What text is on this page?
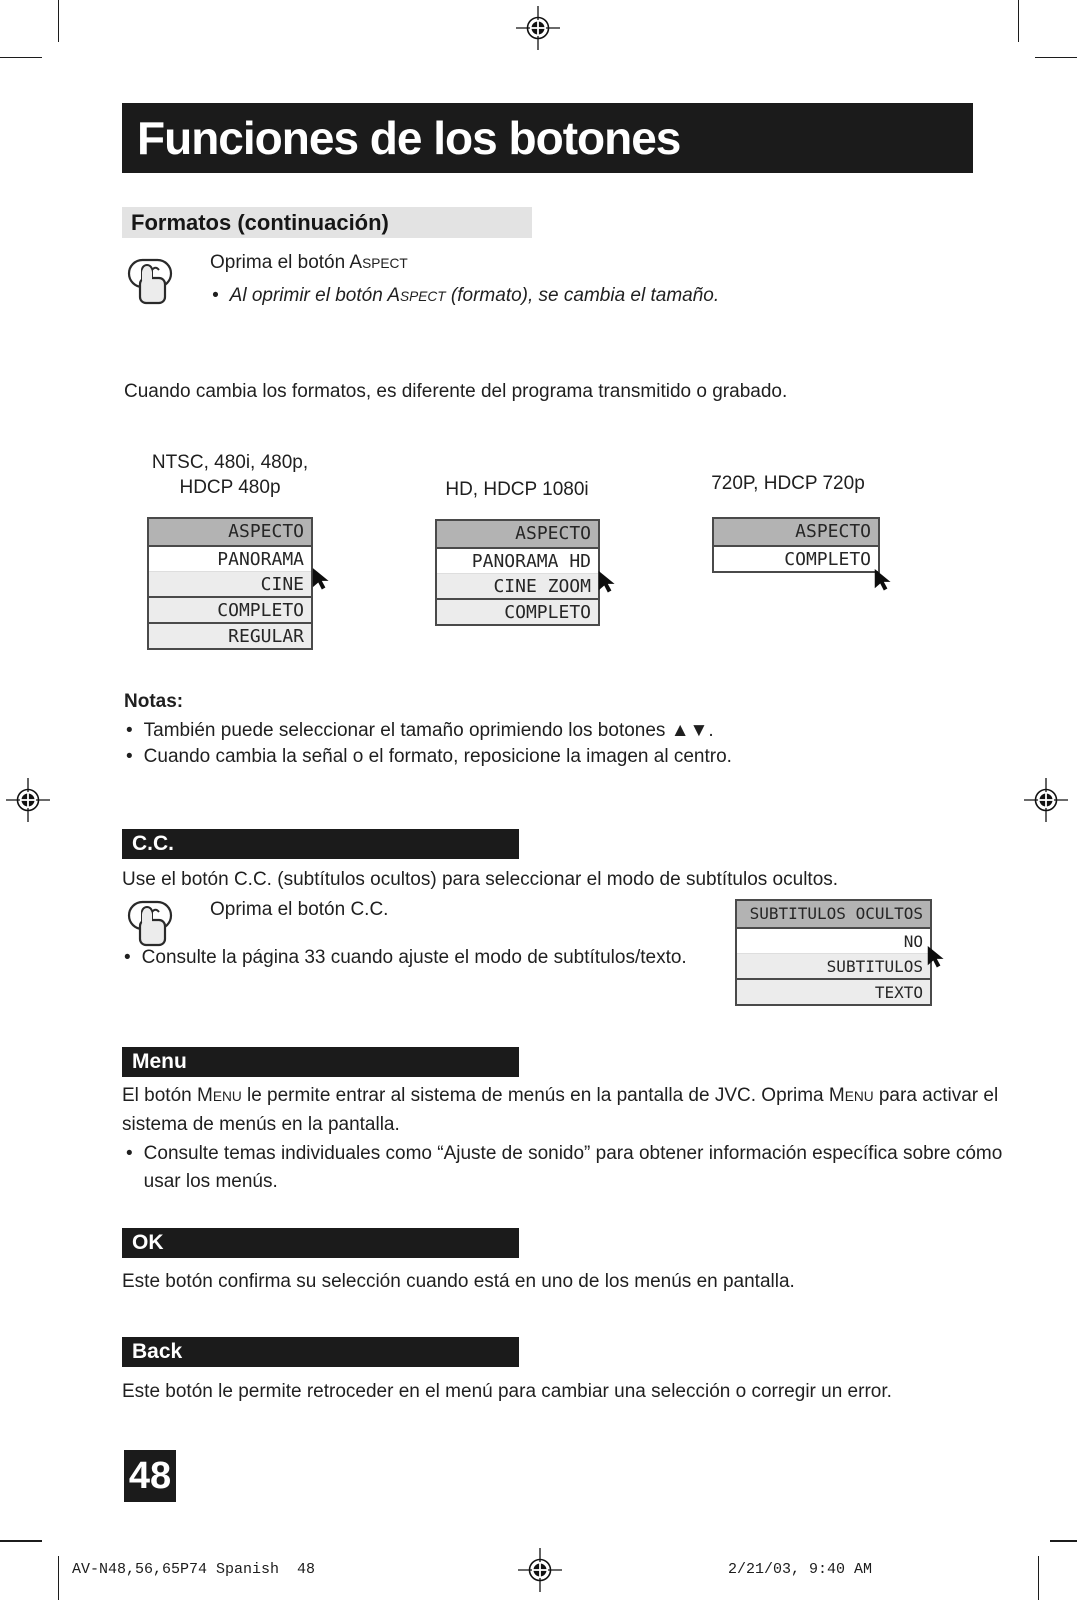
Funciones de los botones
Formatos (continuación)
Oprima el botón ASPECT
• Al oprimir el botón ASPECT (formato), se cambia el tamaño.
Cuando cambia los formatos, es diferente del programa transmitido o grabado.
NTSC, 480i, 480p,
HDCP 480p	HD, HDCP 1080i	720P, HDCP 720p
ASPECTO
PANORAMA
CINE
COMPLETO
REGULAR
ASPECTO
PANORAMA HD
CINE ZOOM
COMPLETO
ASPECTO
COMPLETO
Notas:
• También puede seleccionar el tamaño oprimiendo los botones ▲▼.
• Cuando cambia la señal o el formato, reposicione la imagen al centro.
C.C.
Use el botón C.C. (subtítulos ocultos) para seleccionar el modo de subtítulos ocultos.
Oprima el botón C.C.
• Consulte la página 33 cuando ajuste el modo de subtítulos/texto.
SUBTITULOS OCULTOS
NO
SUBTITULOS
TEXTO
Menu
El botón MENU le permite entrar al sistema de menús en la pantalla de JVC. Oprima MENU para activar el sistema de menús en la pantalla.
• Consulte temas individuales como “Ajuste de sonido” para obtener información específica sobre cómo usar los menús.
OK
Este botón confirma su selección cuando está en uno de los menús en pantalla.
Back
Este botón le permite retroceder en el menú para cambiar una selección o corregir un error.
48
AV-N48,56,65P74 Spanish  48	2/21/03, 9:40 AM
